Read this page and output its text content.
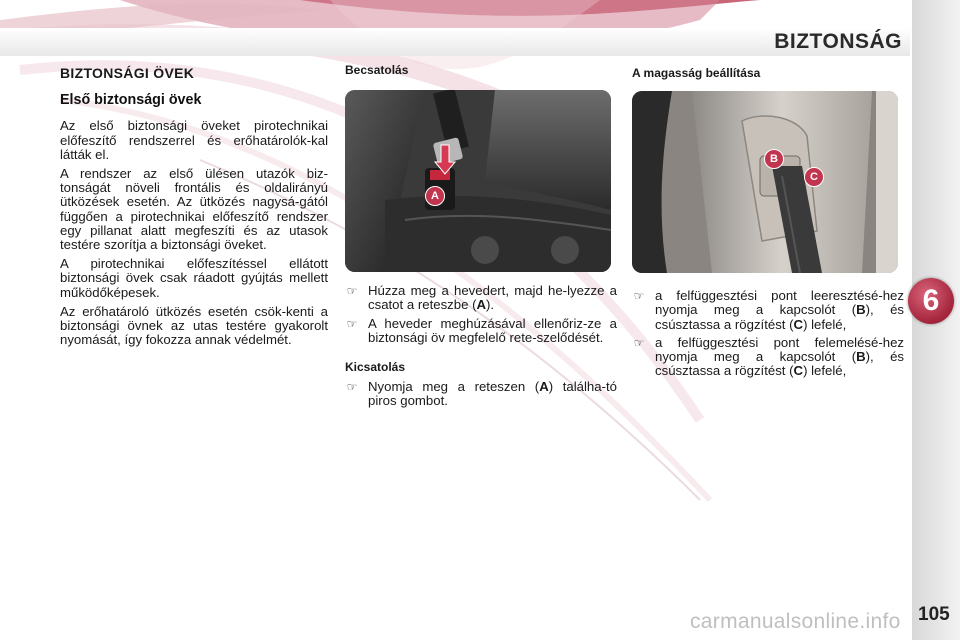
BIZTONSÁG
6
105
carmanualsonline.info
BIZTONSÁGI ÖVEK
Első biztonsági övek

Az első biztonsági öveket pirotechnikai előfeszítő rendszerrel és erőhatárolók-kal látták el.

A rendszer az első ülésen utazók biz-tonságát növeli frontális és oldalirányú ütközések esetén. Az ütközés nagysá-gától függően a pirotechnikai előfeszítő rendszer egy pillanat alatt megfeszíti és az utasok testére szorítja a biztonsági öveket.

A pirotechnikai előfeszítéssel ellátott biztonsági övek csak ráadott gyújtás mellett működőképesek.

Az erőhatároló ütközés esetén csök-kenti a biztonsági övnek az utas testére gyakorolt nyomását, így fokozza annak védelmét.

Becsatolás
A
☞ Húzza meg a hevedert, majd he-lyezze a csatot a reteszbe (A).
☞ A heveder meghúzásával ellenőriz-ze a biztonsági öv megfelelő rete-szelődését.
Kicsatolás
☞ Nyomja meg a reteszen (A) találha-tó piros gombot.
A magasság beállítása
B
C
☞ a felfüggesztési pont leeresztésé-hez nyomja meg a kapcsolót (B), és csúsztassa a rögzítést (C) lefelé,
☞ a felfüggesztési pont felemelésé-hez nyomja meg a kapcsolót (B), és csúsztassa a rögzítést (C) lefelé,
